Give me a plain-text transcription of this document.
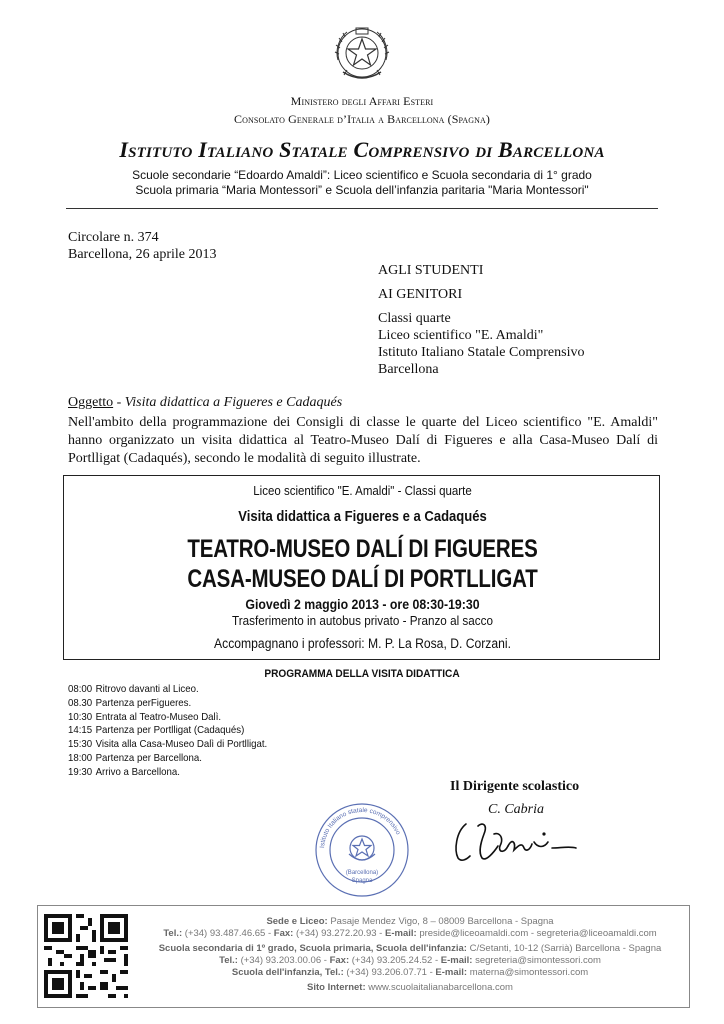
Ministero degli Affari Esteri
Consolato Generale d’Italia a Barcellona (Spagna)
Istituto Italiano Statale Comprensivo di Barcellona
Scuole secondarie “Edoardo Amaldi”: Liceo scientifico e Scuola secondaria di 1° grado
Scuola primaria “Maria Montessori” e Scuola dell’infanzia paritaria "Maria Montessori"
Circolare n. 374
Barcellona, 26 aprile 2013
AGLI STUDENTI
AI GENITORI
Classi quarte
Liceo scientifico "E. Amaldi"
Istituto Italiano Statale Comprensivo
Barcellona
Oggetto - Visita didattica a Figueres e Cadaqués
Nell'ambito della programmazione dei Consigli di classe le quarte del Liceo scientifico "E. Amaldi" hanno organizzato un visita didattica al Teatro-Museo Dalí di Figueres e alla Casa-Museo Dalí di Portlligat (Cadaqués), secondo le modalità di seguito illustrate.
Liceo scientifico "E. Amaldi" - Classi quarte
Visita didattica a Figueres e a Cadaqués
TEATRO-MUSEO DALÍ DI FIGUERES
CASA-MUSEO DALÍ DI PORTLLIGAT
Giovedì 2 maggio 2013 - ore 08:30-19:30
Trasferimento in autobus privato - Pranzo al sacco
Accompagnano i professori: M. P. La Rosa, D. Corzani.
PROGRAMMA DELLA VISITA DIDATTICA
08:00 Ritrovo davanti al Liceo.
08.30 Partenza perFigueres.
10:30 Entrata al Teatro-Museo Dalì.
14:15 Partenza per Portlligat (Cadaqués)
15:30 Visita alla Casa-Museo Dalì di Portlligat.
18:00 Partenza per Barcellona.
19:30 Arrivo a Barcellona.
Il Dirigente scolastico
C. Cabria
(Barcellona)
Spagna
Istituto Italiano statale comprensivo
Sede e Liceo: Pasaje Mendez Vigo, 8 – 08009 Barcellona - Spagna
Tel.: (+34) 93.487.46.65 - Fax: (+34) 93.272.20.93 - E-mail: preside@liceoamaldi.com - segreteria@liceoamaldi.com
Scuola secondaria di 1º grado, Scuola primaria, Scuola dell'infanzia: C/Setanti, 10-12 (Sarrià) Barcellona - Spagna
Tel.: (+34) 93.203.00.06 - Fax: (+34) 93.205.24.52 - E-mail: segreteria@simontessori.com
Scuola dell'infanzia, Tel.: (+34) 93.206.07.71 - E-mail: materna@simontessori.com
Sito Internet: www.scuolaitalianabarcellona.com
